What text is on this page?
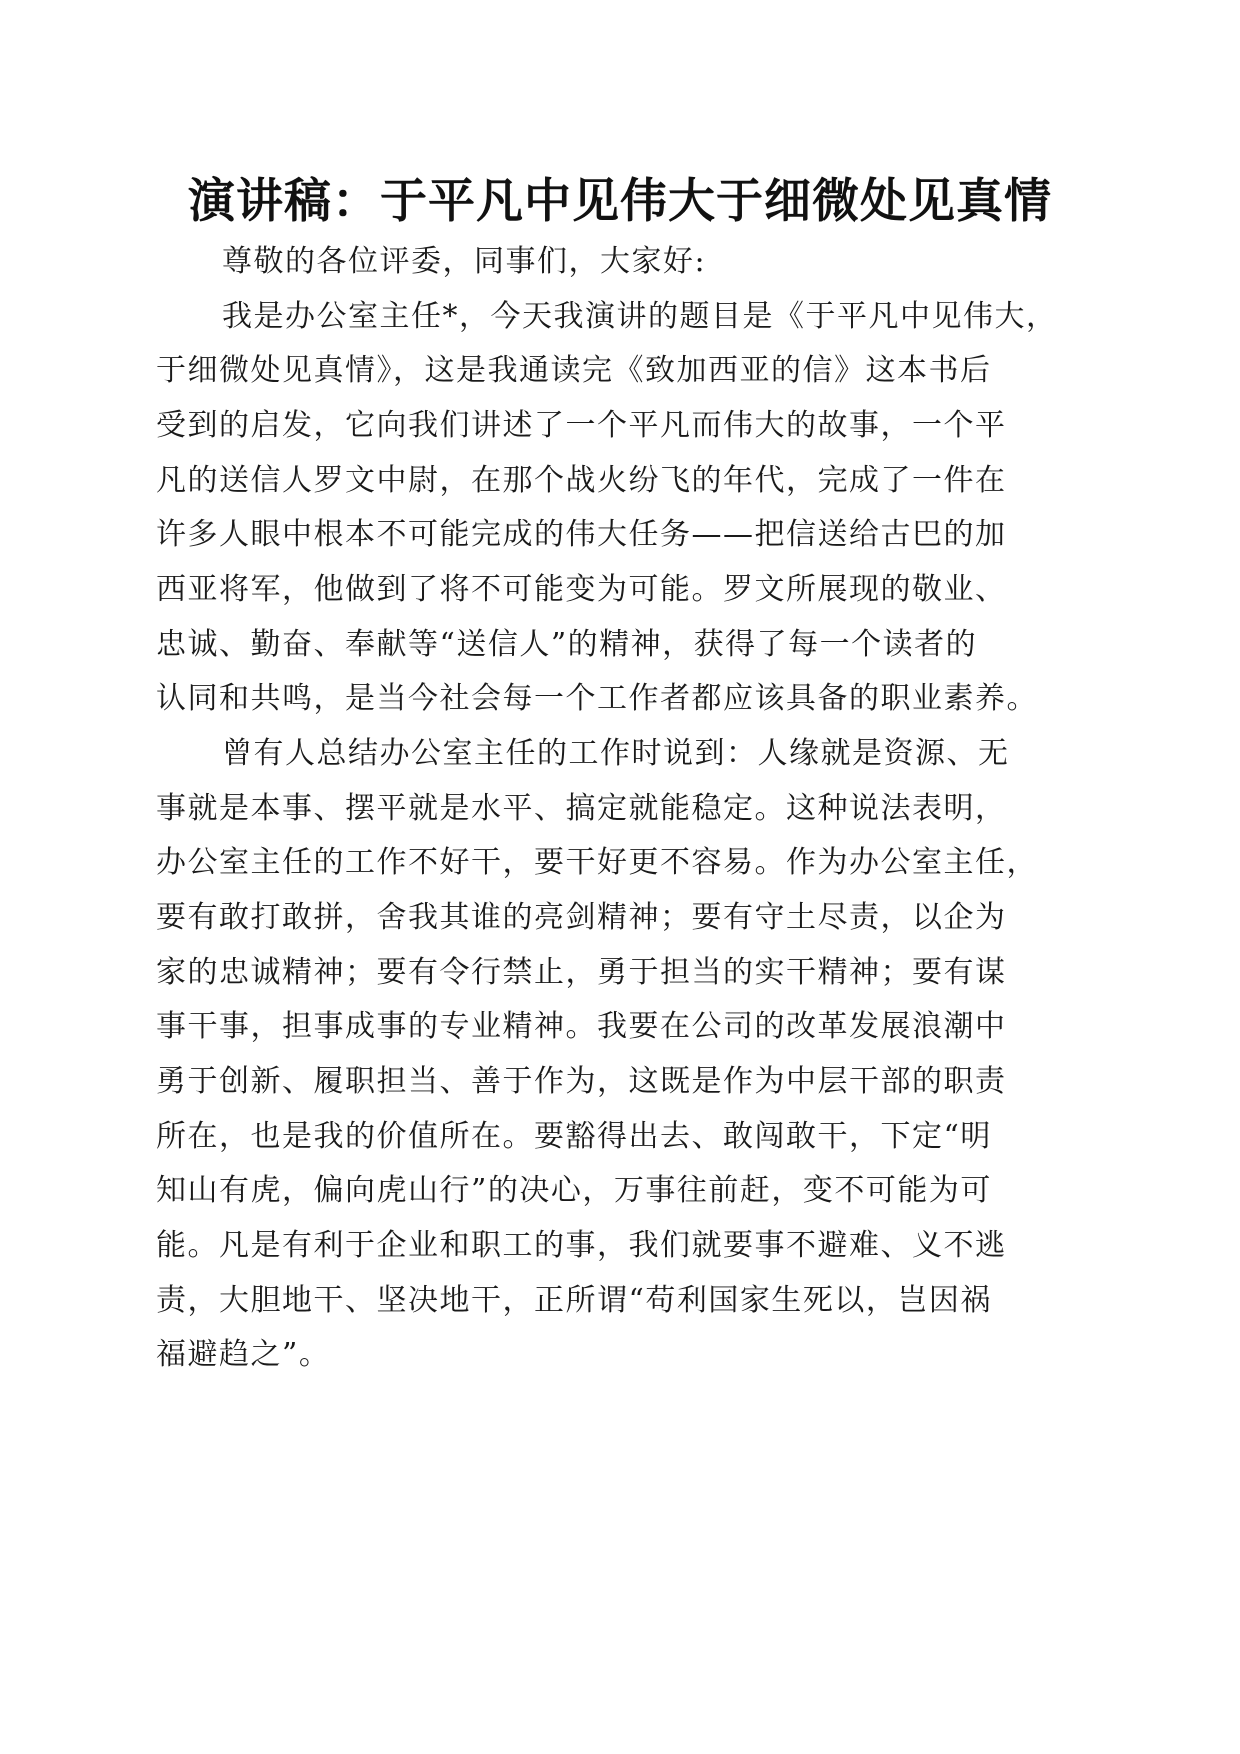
演讲稿：于平凡中见伟大于细微处见真情
尊敬的各位评委，同事们，大家好:
我是办公室主任*，今天我演讲的题目是《于平凡中见伟大，
于细微处见真情》，这是我通读完《致加西亚的信》这本书后
受到的启发，它向我们讲述了一个平凡而伟大的故事，一个平
凡的送信人罗文中尉，在那个战火纷飞的年代，完成了一件在
许多人眼中根本不可能完成的伟大任务——把信送给古巴的加
西亚将军，他做到了将不可能变为可能。罗文所展现的敬业、
忠诚、勤奋、奉献等“送信人”的精神，获得了每一个读者的
认同和共鸣，是当今社会每一个工作者都应该具备的职业素养。
曾有人总结办公室主任的工作时说到：人缘就是资源、无
事就是本事、摆平就是水平、搞定就能稳定。这种说法表明，
办公室主任的工作不好干，要干好更不容易。作为办公室主任，
要有敢打敢拼，舍我其谁的亮剑精神；要有守土尽责，以企为
家的忠诚精神；要有令行禁止，勇于担当的实干精神；要有谋
事干事，担事成事的专业精神。我要在公司的改革发展浪潮中
勇于创新、履职担当、善于作为，这既是作为中层干部的职责
所在，也是我的价值所在。要豁得出去、敢闯敢干，下定“明
知山有虎，偏向虎山行”的决心，万事往前赶，变不可能为可
能。凡是有利于企业和职工的事，我们就要事不避难、义不逃
责，大胆地干、坚决地干，正所谓“苟利国家生死以，岂因祸
福避趋之”。
